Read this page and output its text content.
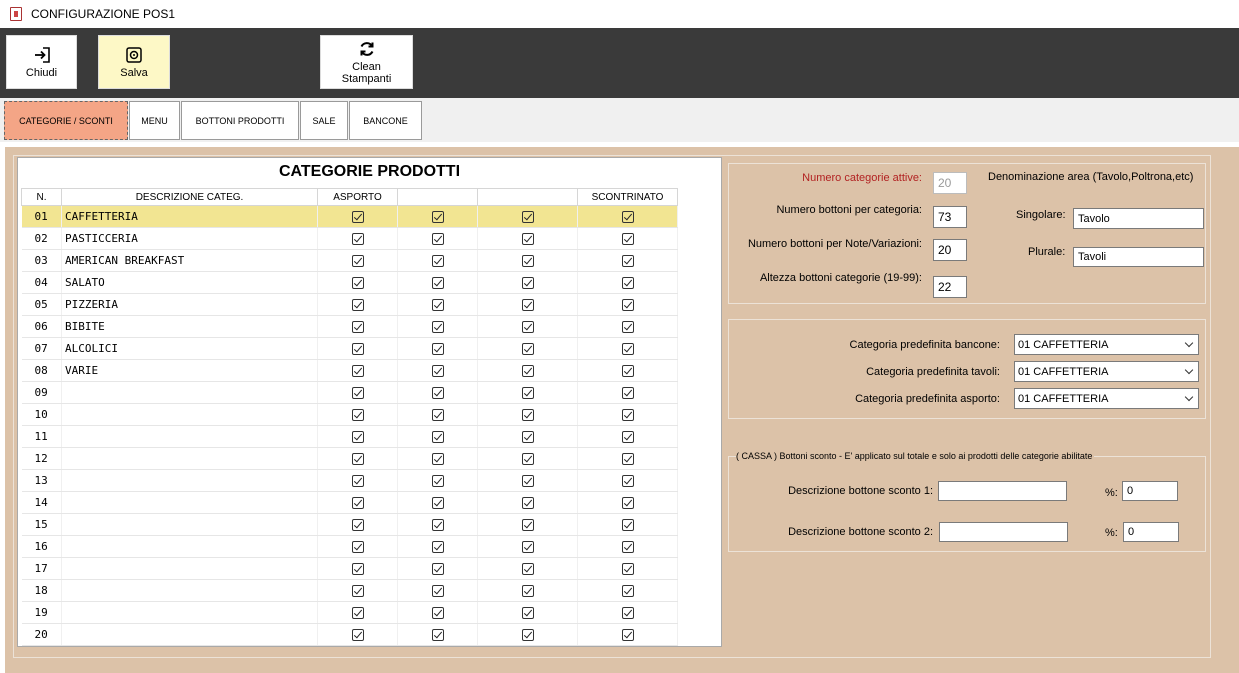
CONFIGURAZIONE POS1
Chiudi	Salva	Clean Stampanti
CATEGORIE / SCONTI	MENU	BOTTONI PRODOTTI	SALE	BANCONE
CATEGORIE PRODOTTI
N.	DESCRIZIONE CATEG.	ASPORTO			SCONTRINATO
01	CAFFETTERIA				
02	PASTICCERIA				
03	AMERICAN BREAKFAST				
04	SALATO				
05	PIZZERIA				
06	BIBITE				
07	ALCOLICI				
08	VARIE				
09					
10					
11					
12					
13					
14					
15					
16					
17					
18					
19					
20					
Numero categorie attive:	20	Denominazione area (Tavolo,Poltrona,etc)
Numero bottoni per categoria:	73	Singolare:	Tavolo
Numero bottoni per Note/Variazioni:	20	Plurale:	Tavoli
Altezza bottoni categorie (19-99):
22
Categoria predefinita bancone: 01 CAFFETTERIA
Categoria predefinita tavoli: 01 CAFFETTERIA
Categoria predefinita asporto: 01 CAFFETTERIA
( CASSA ) Bottoni sconto - E' applicato sul totale e solo ai prodotti delle categorie abilitate
Descrizione bottone sconto 1:	%: 0
Descrizione bottone sconto 2:	%: 0
